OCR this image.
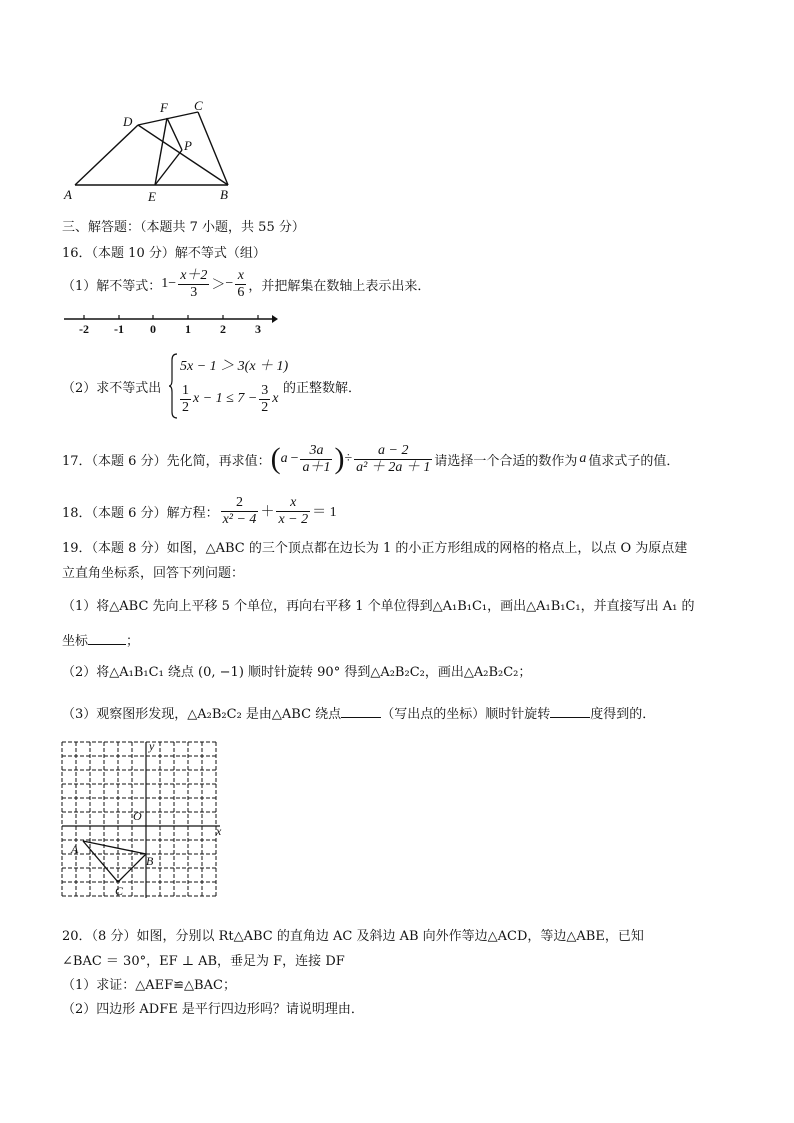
A	B
C
D
E
F
P
三、解答题：（本题共 7 小题，共 55 分）
16．（本题 10 分）解不等式（组）
（1）解不等式： $1 - \frac{x+2}{3}$ ＞ − $\frac{x}{6}$ ，并把解集在数轴上表示出来．
-2 -1 0 1 2 3
（2）求不等式出
5x − 1 ＞ 3(x ＋ 1)
$\frac{1}{2}$ $x - 1 \le 7 - \frac{3}{2}$ x
的正整数解．
17．（本题 6 分）先化简，再求值： ( $a - \frac{3a}{a+1}$ ) ÷ $\frac{a - 2}{\text{a² ＋ 2a ＋ 1}}$ 请选择一个合适的数作为 a 值求式子的值．
18．（本题 6 分）解方程： $\frac{2}{\text{x² − 4}} + \frac{x}{x - 2} = 1$
19．（本题 8 分）如图，△ABC 的三个顶点都在边长为 1 的小正方形组成的网格的格点上，以点 O 为原点建
立直角坐标系，回答下列问题：
（1）将△ABC 先向上平移 5 个单位，再向右平移 1 个单位得到△A₁B₁C₁，画出△A₁B₁C₁，并直接写出 A₁ 的
坐标	；
（2）将△A₁B₁C₁ 绕点 (0, −1) 顺时针旋转 90° 得到△A₂B₂C₂，画出△A₂B₂C₂；
（3）观察图形发现，△A₂B₂C₂ 是由△ABC 绕点	（写出点的坐标）顺时针旋转	度得到的．
y
x
O
A
B
C
20．（8 分）如图，分别以 Rt△ABC 的直角边 AC 及斜边 AB 向外作等边△ACD，等边△ABE，已知
∠BAC ＝ 30°，EF ⊥ AB，垂足为 F，连接 DF
（1）求证：△AEF≌△BAC；
（2）四边形 ADFE 是平行四边形吗？请说明理由．
